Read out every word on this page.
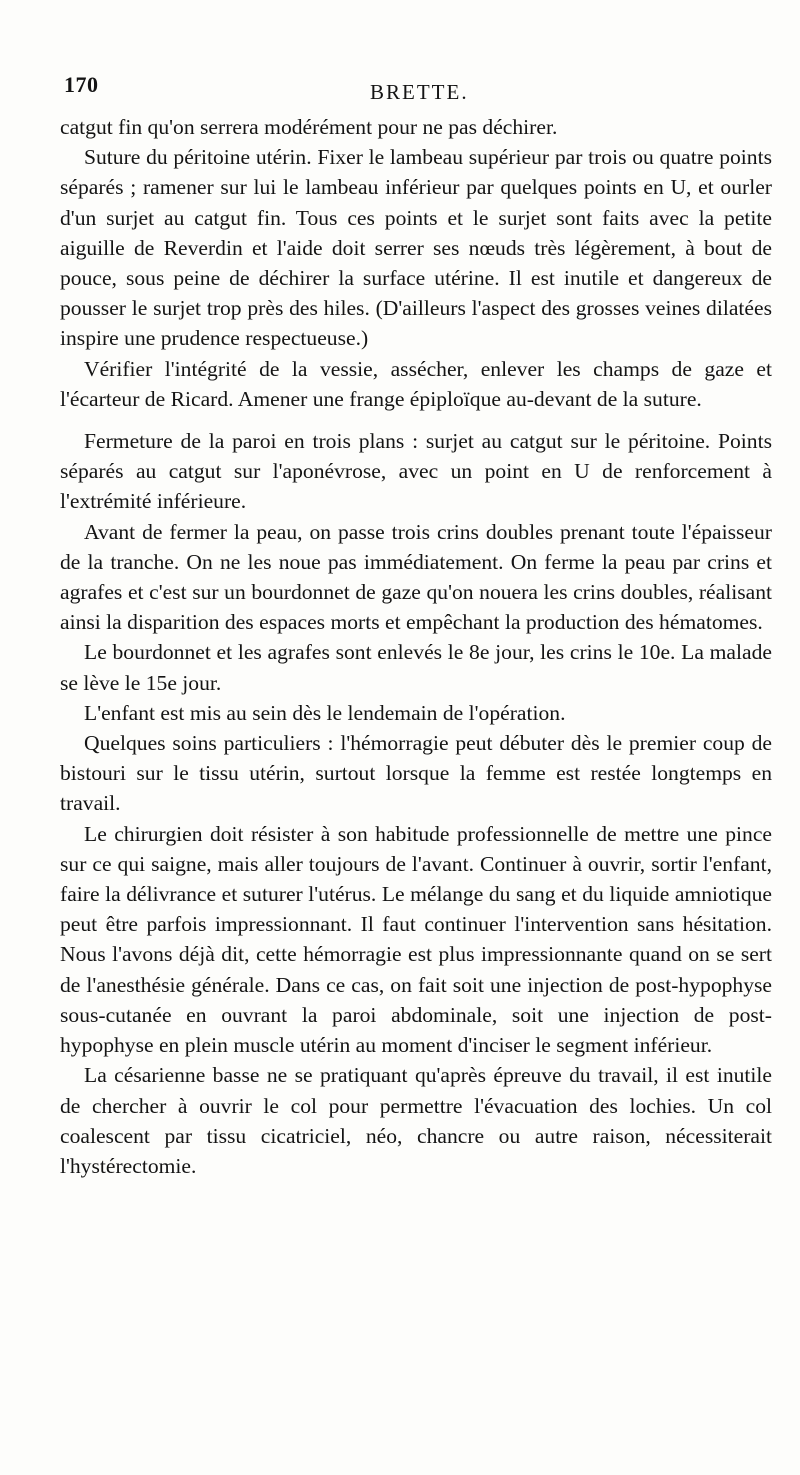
170	BRETTE.

catgut fin qu'on serrera modérément pour ne pas déchirer.

Suture du péritoine utérin. Fixer le lambeau supérieur par trois ou quatre points séparés ; ramener sur lui le lambeau inférieur par quelques points en U, et ourler d'un surjet au catgut fin. Tous ces points et le surjet sont faits avec la petite aiguille de Reverdin et l'aide doit serrer ses nœuds très légèrement, à bout de pouce, sous peine de déchirer la surface utérine. Il est inutile et dangereux de pousser le surjet trop près des hiles. (D'ailleurs l'aspect des grosses veines dilatées inspire une prudence respectueuse.)

Vérifier l'intégrité de la vessie, assécher, enlever les champs de gaze et l'écarteur de Ricard. Amener une frange épiploïque au-devant de la suture.

Fermeture de la paroi en trois plans : surjet au catgut sur le péritoine. Points séparés au catgut sur l'aponévrose, avec un point en U de renforcement à l'extrémité inférieure.

Avant de fermer la peau, on passe trois crins doubles prenant toute l'épaisseur de la tranche. On ne les noue pas immédiatement. On ferme la peau par crins et agrafes et c'est sur un bourdonnet de gaze qu'on nouera les crins doubles, réalisant ainsi la disparition des espaces morts et empêchant la production des hématomes.

Le bourdonnet et les agrafes sont enlevés le 8e jour, les crins le 10e. La malade se lève le 15e jour.

L'enfant est mis au sein dès le lendemain de l'opération.

Quelques soins particuliers : l'hémorragie peut débuter dès le premier coup de bistouri sur le tissu utérin, surtout lorsque la femme est restée longtemps en travail.

Le chirurgien doit résister à son habitude professionnelle de mettre une pince sur ce qui saigne, mais aller toujours de l'avant. Continuer à ouvrir, sortir l'enfant, faire la délivrance et suturer l'utérus. Le mélange du sang et du liquide amniotique peut être parfois impressionnant. Il faut continuer l'intervention sans hésitation. Nous l'avons déjà dit, cette hémorragie est plus impressionnante quand on se sert de l'anesthésie générale. Dans ce cas, on fait soit une injection de post-hypophyse sous-cutanée en ouvrant la paroi abdominale, soit une injection de post-hypophyse en plein muscle utérin au moment d'inciser le segment inférieur.

La césarienne basse ne se pratiquant qu'après épreuve du travail, il est inutile de chercher à ouvrir le col pour permettre l'évacuation des lochies. Un col coalescent par tissu cicatriciel, néo, chancre ou autre raison, nécessiterait l'hystérectomie.
